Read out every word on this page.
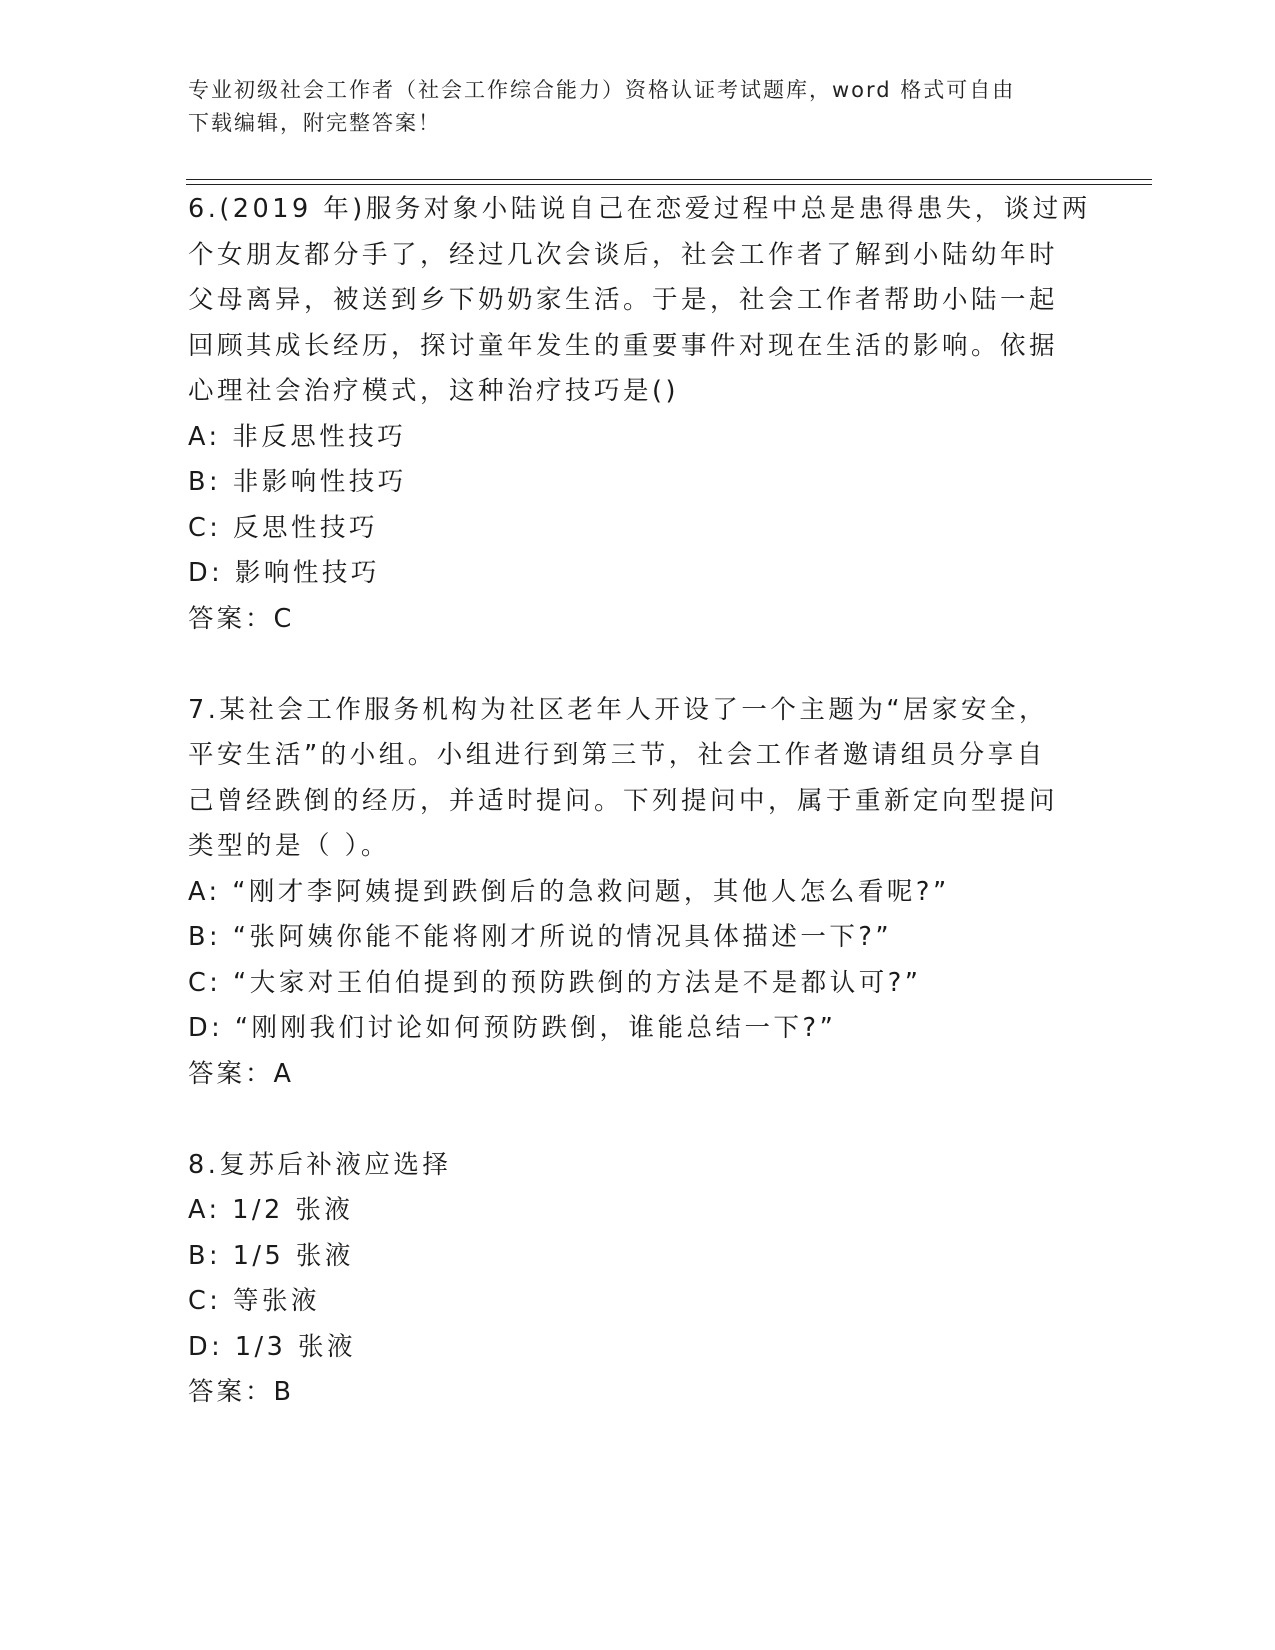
专业初级社会工作者（社会工作综合能力）资格认证考试题库，word 格式可自由
下载编辑，附完整答案！
6.(2019 年)服务对象小陆说自己在恋爱过程中总是患得患失，谈过两
个女朋友都分手了，经过几次会谈后，社会工作者了解到小陆幼年时
父母离异，被送到乡下奶奶家生活。于是，社会工作者帮助小陆一起
回顾其成长经历，探讨童年发生的重要事件对现在生活的影响。依据
心理社会治疗模式，这种治疗技巧是()
A: 非反思性技巧
B: 非影响性技巧
C: 反思性技巧
D: 影响性技巧
答案：C
7.某社会工作服务机构为社区老年人开设了一个主题为“居家安全，
平安生活”的小组。小组进行到第三节，社会工作者邀请组员分享自
己曾经跌倒的经历，并适时提问。下列提问中，属于重新定向型提问
类型的是（ ）。
A: “刚才李阿姨提到跌倒后的急救问题，其他人怎么看呢?”
B: “张阿姨你能不能将刚才所说的情况具体描述一下?”
C: “大家对王伯伯提到的预防跌倒的方法是不是都认可?”
D: “刚刚我们讨论如何预防跌倒，谁能总结一下?”
答案：A
8.复苏后补液应选择
A: 1/2 张液
B: 1/5 张液
C: 等张液
D: 1/3 张液
答案：B
